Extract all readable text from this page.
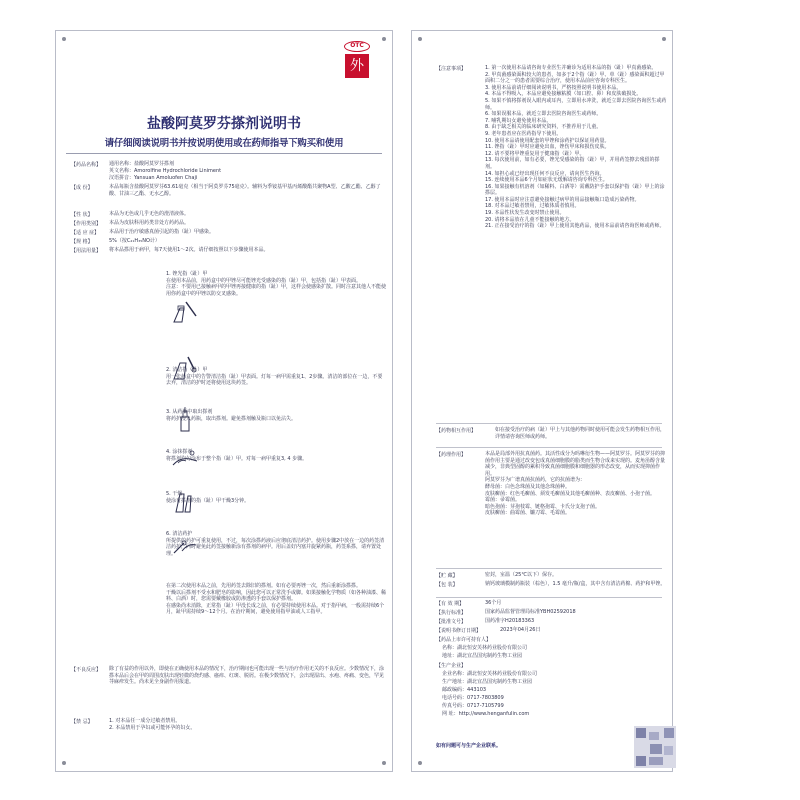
OTC
外
盐酸阿莫罗芬搽剂说明书
请仔细阅读说明书并按说明使用或在药师指导下购买和使用
【药品名称】 通用名称：盐酸阿莫罗芬搽剂
英文名称：Amorolfine Hydrochloride Liniment
汉语拼音：Yansuan Amoluofen Chaji
【成 份】	本品每瓶含盐酸阿莫罗芬63.61毫克（相当于阿莫罗芬75毫克）。辅料为季铵基甲基丙烯酸酯共聚物A型、乙酸乙酯、乙醇了酸、甘油三乙酯、无水乙醇。
【性 状】	本品为无色或几乎无色的澄清液体。
【作用类别】 本品为皮肤科用药类非处方药药品。
【适 应 症】 本品用于治疗敏感真菌引起的指（趾）甲感染。
【规 格】	5%（按C₂₁H₃₅NO计）
【用法用量】 将本品搽用于病甲，每7天使用1～2次。请仔细按照以下步骤使用本品。
1. 锉光指（趾）甲
在使用本品前，用药盒中的甲锉尽可能锉光受感染的指（趾）甲，包括指（趾）甲表面。
注意：不要用已接触病甲的甲锉再接健康的指（趾）甲，这样会使感染扩散。同时注意其他人不能使用你药盒中的甲锉以防交叉感染。
2. 清洁指（趾）甲
用一张药盒中的告警清洁指（趾）甲表面。灯每一病甲需重复1、2步骤。清洁的部位在一边，不要去弃，清洁的护时还将使用这块药签。
3. 从药瓶中取出搽剂
将药护浸入药瓶，取出搽剂。避免搽剂触及瓶口以免沾失。
4. 涂抹搽剂
将搽剂均匀涂布于整个指（趾）甲。对每一病甲重复3, 4 步骤。
5. 干燥
使涂有搽剂的指（趾）甲干燥3分钟。
6. 清洁药护
所提供的药护可重复使用，不过，每次涂搽药液后应彻底清洁药护。使用步骤2中放在一边的药签清洁药护，同时避免此药签接触新涂有搽剂的病甲。用后盖好内塞并旋紧药瓶，药签系搽，请弃置处理。
在第二次使用本品之前，先用药签去除旧的搽剂。如有必要再锉一次，然后重新涂搽搽。
干燥以后搽剂不受水和肥皂的影响，因此您可以正常洗手或脚。如果接触化学物质（如各种油漆、稀料、白酒）时，您需要戴橡胶或防渗透的手套以保护搽剂。
在感染尚未消除，正常指（趾）甲没长成之前，有必要持续使用本品。对于指甲病，一般需持续6个月，趾甲需持续9～12个月。在治疗期间，避免使用指甲油或人工指甲。
【不良反应】 除了有益的作用以外，即使在正确使用本品的情况下，治疗期间也可能出现一些与治疗作用无关的不良反应。少数情况下，涂搽本品后会在甲的周围皮肤出现轻微的烧灼感、瘙痒、红斑、脱屑。在极少数情况下，会出现湿出、水疱、疼痛、变色，罕见荨麻疹发生。尚未见全身副作用报道。
【禁 忌】	1. 对本品任一成分过敏者禁用。
2. 本品禁用于孕妇或可能怀孕的妇女。
【注意事项】	1. 第一次使用本品请咨询专业医生并确诊为适用本品的指（趾）甲真菌感染。
2. 甲真菌感染面积较大的患者，如多于2个指（趾）甲、单（趾）感染面积超过甲面积二分之一的患者需要综合治疗，使用本品前应咨询专科医生。
3. 使用本品前请仔细阅读说明书，严格按照说明书使用本品。
4. 本品不得吸入，本品应避免接触粘膜（如口腔、鼻）和皮肤破损处。
5. 如果不慎将搽剂误入眼内或耳内，立即用水冲洗，就近立即去医院咨询医生或药师。
6. 如果误服本品，就近立即去医院咨询医生或药师。
7. 哺乳期妇女避免使用本品。
8. 由于缺乏相关的临床研究资料，不推荐用于儿童。
9. 老年患者应在医药指导下使用。
10. 使用本品请使用配套的甲锉和涂药护以保证用药量。
11. 锉指（趾）甲时应避免出血，锉伤甲床和损伤皮肤。
12. 请不要将甲锉重复用于健康指（趾）甲。
13. 每次使用前，如有必要，锉光受感染的指（趾）甲，并用药签擦去残留的搽剂。
14. 如担心或已经出现任何不良反应，请向医生咨询。
15. 连续使用本品6个月如症状无缓解请咨询专科医生。
16. 如果接触有机溶剂（如稀料、白酒等）需戴防护手套以保护指（趾）甲上的涂搽层。
17. 使用本品时应注意避免接触过病甲的用品接触瓶口造成污染药物。
18. 对本品过敏者禁用，过敏体质者慎用。
19. 本品性状发生改变时禁止使用。
20. 请将本品放在儿童不能接触的地方。
21. 正在接受治疗的指（趾）甲上使用其他药品，使用本品前请咨询医师或药师。
【药物相互作用】	如在接受治疗的病（趾）甲上与其他药物同时使用可能会发生药物相互作用，详情请咨询医师或药师。
【药理作用】	本品是局部外用抗真菌药。其活性成分为吗啉衍生物——阿莫罗芬。阿莫罗芬的抑菌作用主要是通过改变包成真菌细胞膜的脂类而生物合成来实现的。麦角甾醇含量减少，非典型固醇的累积导致真菌细胞膜和细胞器的形态改变，从而实现抑菌作用。
阿莫罗芬为广谱真菌抗菌药，它的抗菌谱为：
酵母菌：白色念珠菌及其他念珠菌种。
皮肤癣菌：红色毛癣菌、须发毛癣菌及其他毛癣菌种、表皮癣菌、小孢子菌。
霉菌：帚霉菌。
暗色孢菌：芽孢枝霉、链格孢霉、卡氏分支孢子菌。
皮肤癣菌：曲霉菌、镰刀霉、毛霉菌。
【贮 藏】	密封，室温（25℃以下）保存。
【包 装】	钠钙玻璃模制药瓶装（棕色），1.5 毫升/瓶/盒，其中含有清洁药棉、药护和甲锉。
【有 效 期】	36个月
【执行标准】	国家药品监督管理局标准YBH02592018
【批准文号】	国药准字H20183363
【说明书修订日期】	2023年04月26日
【药品上市许可持有人】
名称：湖北恒安芙林药业股份有限公司
地址：湖北宜昌国宪制药生物工业园
【生产企业】
企业名称：湖北恒安芙林药业股份有限公司
生产地址：湖北宜昌国宪制药生物工业园
邮政编码：443103
电话号码：0717-7803809
传真号码：0717-7105799
网 址：http://www.henganfulin.com
如有问题可与生产企业联系。
